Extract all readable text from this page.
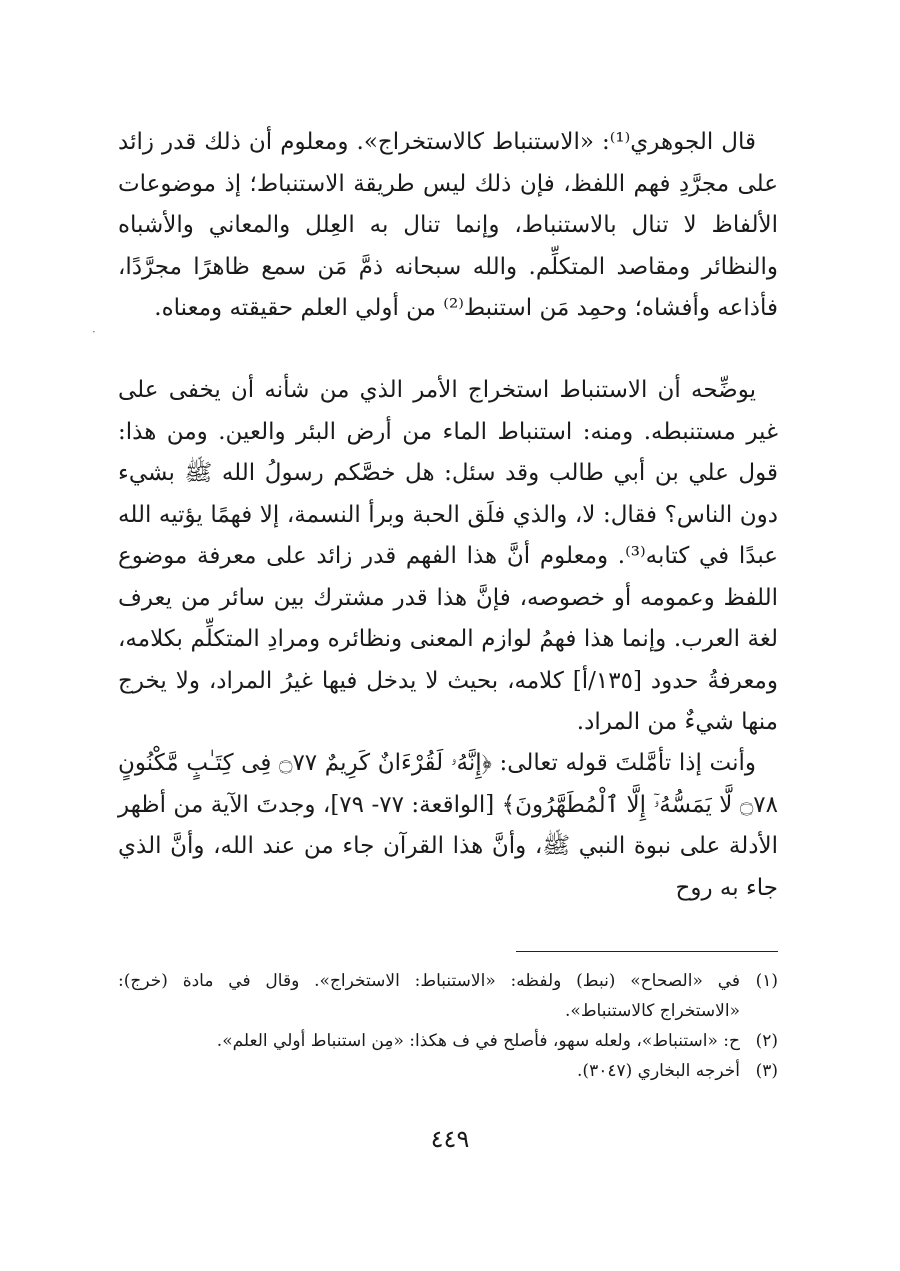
قال الجوهري⁽¹⁾: «الاستنباط كالاستخراج». ومعلوم أن ذلك قدر زائد على مجرَّدِ فهم اللفظ، فإن ذلك ليس طريقة الاستنباط؛ إذ موضوعات الألفاظ لا تنال بالاستنباط، وإنما تنال به العِلل والمعاني والأشباه والنظائر ومقاصد المتكلِّم. والله سبحانه ذمَّ مَن سمع ظاهرًا مجرَّدًا، فأذاعه وأفشاه؛ وحمِد مَن استنبط⁽²⁾ من أولي العلم حقيقته ومعناه.
·
يوضِّحه أن الاستنباط استخراج الأمر الذي من شأنه أن يخفى على غير مستنبطه. ومنه: استنباط الماء من أرض البئر والعين. ومن هذا: قول علي بن أبي طالب وقد سئل: هل خصَّكم رسولُ الله ﷺ بشيء دون الناس؟ فقال: لا، والذي فلَق الحبة وبرأ النسمة، إلا فهمًا يؤتيه الله عبدًا في كتابه⁽³⁾. ومعلوم أنَّ هذا الفهم قدر زائد على معرفة موضوع اللفظ وعمومه أو خصوصه، فإنَّ هذا قدر مشترك بين سائر من يعرف لغة العرب. وإنما هذا فهمُ لوازم المعنى ونظائره ومرادِ المتكلِّم بكلامه، ومعرفةُ حدود [١٣٥/أ] كلامه، بحيث لا يدخل فيها غيرُ المراد، ولا يخرج منها شيءٌ من المراد.
وأنت إذا تأمَّلتَ قوله تعالى: ﴿إِنَّهُۥ لَقُرْءَانٌ كَرِيمٌ ۝٧٧ فِى كِتَـٰبٍ مَّكْنُونٍ ۝٧٨ لَّا يَمَسُّهُۥٓ إِلَّا ٱلْمُطَهَّرُونَ﴾ [الواقعة: ٧٧- ٧٩]، وجدتَ الآية من أظهر الأدلة على نبوة النبي ﷺ، وأنَّ هذا القرآن جاء من عند الله، وأنَّ الذي جاء به روح
(١)
في «الصحاح» (نبط) ولفظه: «الاستنباط: الاستخراج». وقال في مادة (خرج): «الاستخراج كالاستنباط».
(٢)
ح: «استنباط»، ولعله سهو، فأصلح في ف هكذا: «مِن استنباط أولي العلم».
(٣)
أخرجه البخاري (٣٠٤٧).
٤٤٩
